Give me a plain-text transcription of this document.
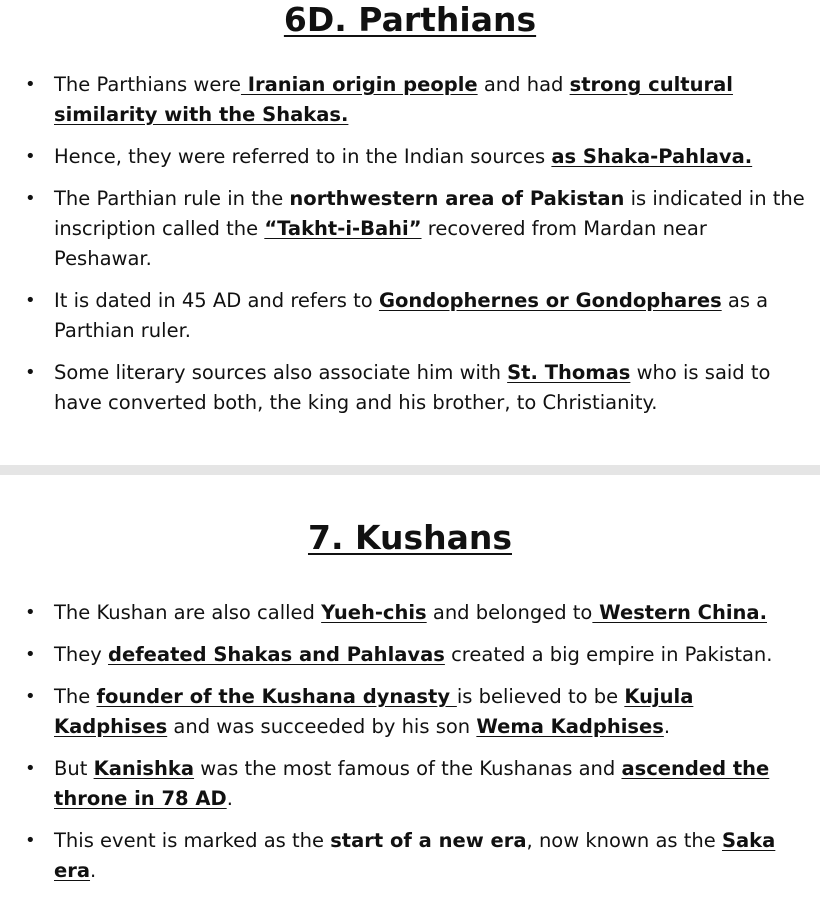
6D. Parthians
• The Parthians were Iranian origin people and had strong cultural similarity with the Shakas.
• Hence, they were referred to in the Indian sources as Shaka-Pahlava.
• The Parthian rule in the northwestern area of Pakistan is indicated in the inscription called the “Takht-i-Bahi” recovered from Mardan near Peshawar.
• It is dated in 45 AD and refers to Gondophernes or Gondophares as a Parthian ruler.
• Some literary sources also associate him with St. Thomas who is said to have converted both, the king and his brother, to Christianity.
7. Kushans
• The Kushan are also called Yueh-chis and belonged to Western China.
• They defeated Shakas and Pahlavas created a big empire in Pakistan.
• The founder of the Kushana dynasty is believed to be Kujula Kadphises and was succeeded by his son Wema Kadphises.
• But Kanishka was the most famous of the Kushanas and ascended the throne in 78 AD.
• This event is marked as the start of a new era, now known as the Saka era.
